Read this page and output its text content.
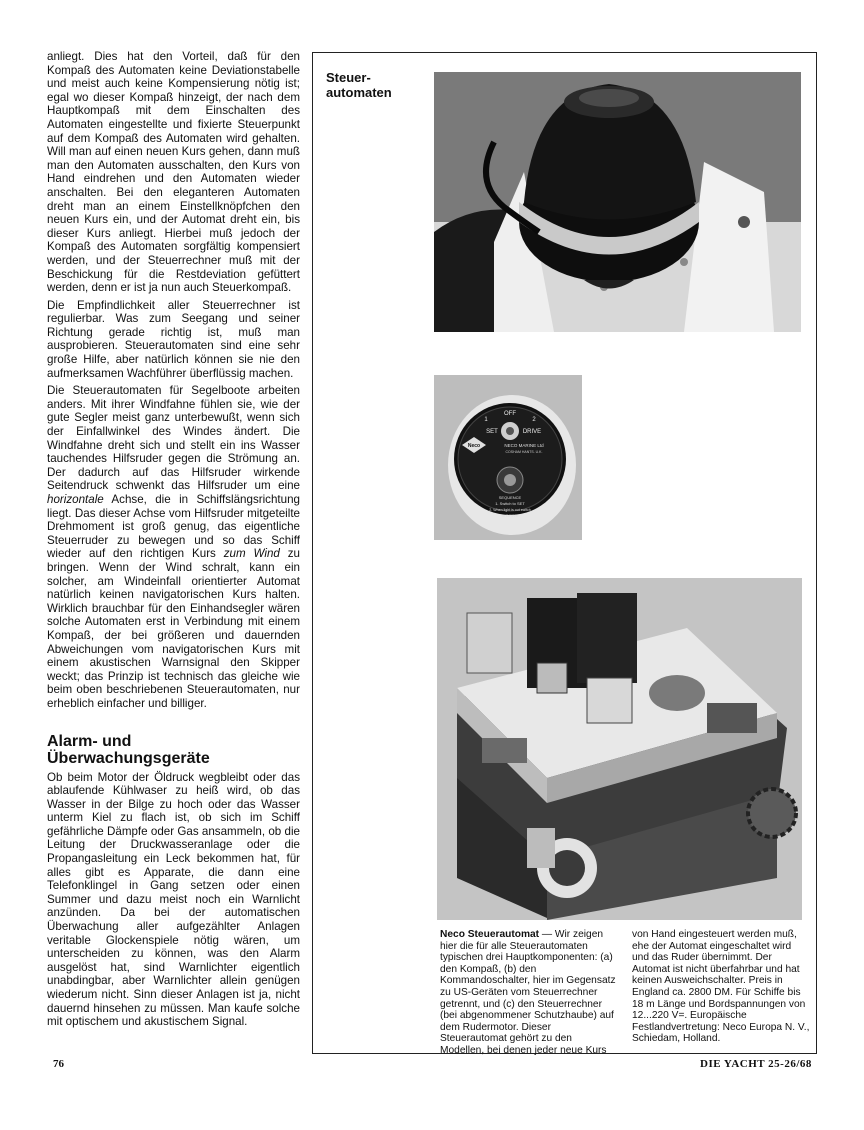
anliegt. Dies hat den Vorteil, daß für den Kompaß des Automaten keine Deviationstabelle und meist auch keine Kompensierung nötig ist; egal wo dieser Kompaß hinzeigt, der nach dem Hauptkompaß mit dem Einschalten des Automaten eingestellte und fixierte Steuerpunkt auf dem Kompaß des Automaten wird gehalten. Will man auf einen neuen Kurs gehen, dann muß man den Automaten ausschalten, den Kurs von Hand eindrehen und den Automaten wieder anschalten. Bei den eleganteren Automaten dreht man an einem Einstellknöpfchen den neuen Kurs ein, und der Automat dreht ein, bis dieser Kurs anliegt. Hierbei muß jedoch der Kompaß des Automaten sorgfältig kompensiert werden, und der Steuerrechner muß mit der Beschickung für die Restdeviation gefüttert werden, denn er ist ja nun auch Steuerkompaß.

Die Empfindlichkeit aller Steuerrechner ist regulierbar. Was zum Seegang und seiner Richtung gerade richtig ist, muß man ausprobieren. Steuerautomaten sind eine sehr große Hilfe, aber natürlich können sie nie den aufmerksamen Wachführer überflüssig machen.

Die Steuerautomaten für Segelboote arbeiten anders. Mit ihrer Windfahne fühlen sie, wie der gute Segler meist ganz unterbewußt, wenn sich der Einfallwinkel des Windes ändert. Die Windfahne dreht sich und stellt ein ins Wasser tauchendes Hilfsruder gegen die Strömung an. Der dadurch auf das Hilfsruder wirkende Seitendruck schwenkt das Hilfsruder um eine horizontale Achse, die in Schiffslängsrichtung liegt. Das dieser Achse vom Hilfsruder mitgeteilte Drehmoment ist groß genug, das eigentliche Steuerruder zu bewegen und so das Schiff wieder auf den richtigen Kurs zum Wind zu bringen. Wenn der Wind schralt, kann ein solcher, am Windeinfall orientierter Automat natürlich keinen navigatorischen Kurs halten. Wirklich brauchbar für den Einhandsegler wären solche Automaten erst in Verbindung mit einem Kompaß, der bei größeren und dauernden Abweichungen vom navigatorischen Kurs mit einem akustischen Warnsignal den Skipper weckt; das Prinzip ist technisch das gleiche wie beim oben beschriebenen Steuerautomaten, nur erheblich einfacher und billiger.

Alarm- und
Überwachungsgeräte

Ob beim Motor der Öldruck wegbleibt oder das ablaufende Kühlwaser zu heiß wird, ob das Wasser in der Bilge zu hoch oder das Wasser unterm Kiel zu flach ist, ob sich im Schiff gefährliche Dämpfe oder Gas ansammeln, ob die Leitung der Druckwasseranlage oder die Propangasleitung ein Leck bekommen hat, für alles gibt es Apparate, die dann eine Telefonklingel in Gang setzen oder einen Summer und dazu meist noch ein Warnlicht anzünden. Da bei der automatischen Überwachung aller aufgezählter Anlagen veritable Glockenspiele nötig wären, um unterscheiden zu können, was den Alarm ausgelöst hat, sind Warnlichter eigentlich unabdingbar, aber Warnlichter allein genügen wiederum nicht. Sinn dieser Anlagen ist ja, nicht dauernd hinsehen zu müssen. Man kaufe solche mit optischem und akustischem Signal.

Steuer-automaten
OFF
1	2
SET	DRIVE
Neco	NECO MARINE Ltd
COSHAM HANTS. U.K.
SEQUENCE
1. Switch to SET
2. When light is out switch
to DRIVE
Neco Steuerautomat — Wir zeigen hier die für alle Steuerautomaten typischen drei Hauptkomponenten: (a) den Kompaß, (b) den Kommandoschalter, hier im Gegensatz zu US-Geräten vom Steuerrechner getrennt, und (c) den Steuerrechner (bei abgenommener Schutzhaube) auf dem Rudermotor. Dieser Steuerautomat gehört zu den Modellen, bei denen jeder neue Kurs
von Hand eingesteuert werden muß, ehe der Automat eingeschaltet wird und das Ruder übernimmt. Der Automat ist nicht überfahrbar und hat keinen Ausweichschalter. Preis in England ca. 2800 DM. Für Schiffe bis 18 m Länge und Bordspannungen von 12...220 V=. Europäische Festlandvertretung: Neco Europa N. V., Schiedam, Holland.
76	DIE YACHT 25-26/68
